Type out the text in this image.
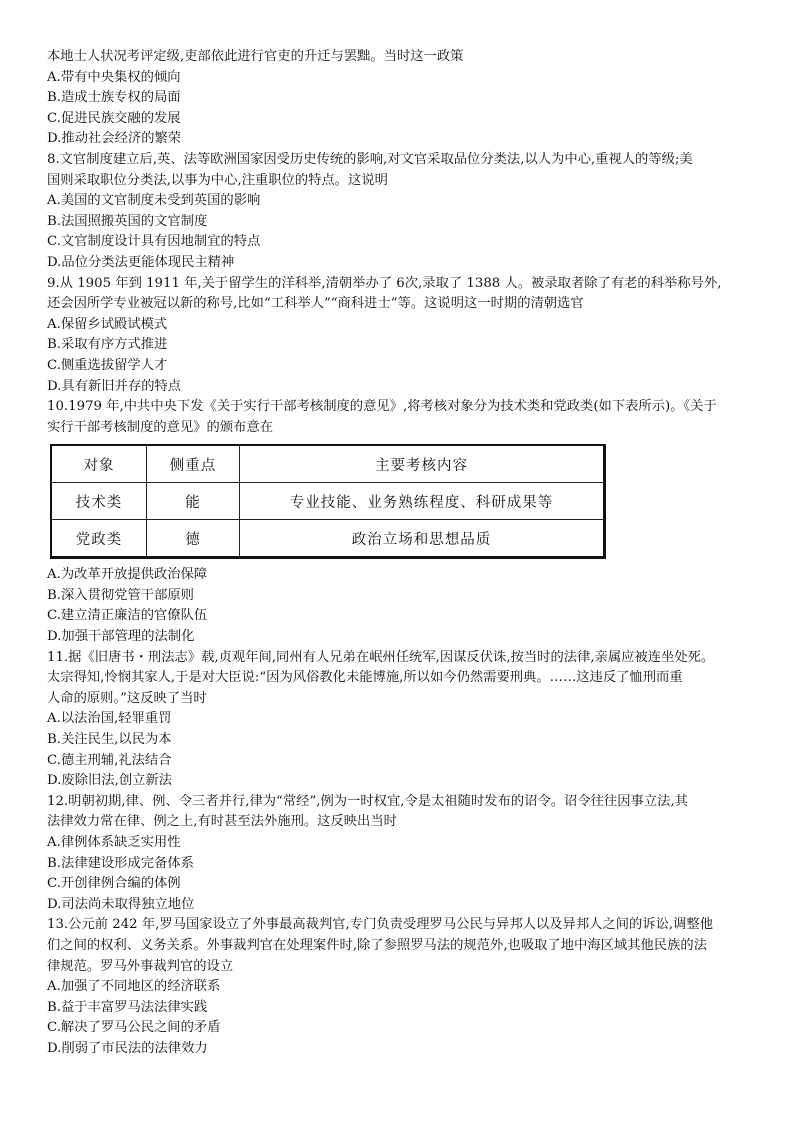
本地士人状况考评定级,吏部依此进行官吏的升迁与罢黜。当时这一政策
A.带有中央集权的倾向
B.造成士族专权的局面
C.促进民族交融的发展
D.推动社会经济的繁荣
8.文官制度建立后,英、法等欧洲国家因受历史传统的影响,对文官采取品位分类法,以人为中心,重视人的等级;美
国则采取职位分类法,以事为中心,注重职位的特点。这说明
A.美国的文官制度未受到英国的影响
B.法国照搬英国的文官制度
C.文官制度设计具有因地制宜的特点
D.品位分类法更能体现民主精神
9.从 1905 年到 1911 年,关于留学生的洋科举,清朝举办了 6次,录取了 1388 人。被录取者除了有老的科举称号外,
还会因所学专业被冠以新的称号,比如“工科举人”“商科进士”等。这说明这一时期的清朝选官
A.保留乡试殿试模式
B.采取有序方式推进
C.侧重选拔留学人才
D.具有新旧并存的特点
10.1979 年,中共中央下发《关于实行干部考核制度的意见》,将考核对象分为技术类和党政类(如下表所示)。《关于
实行干部考核制度的意见》的颁布意在
对象	侧重点	主要考核内容
技术类	能	专业技能、业务熟练程度、科研成果等
党政类	德	政治立场和思想品质
A.为改革开放提供政治保障
B.深入贯彻党管干部原则
C.建立清正廉洁的官僚队伍
D.加强干部管理的法制化
11.据《旧唐书・刑法志》载,贞观年间,同州有人兄弟在岷州任统军,因谋反伏诛,按当时的法律,亲属应被连坐处死。
太宗得知,怜悯其家人,于是对大臣说:“因为风俗教化未能博施,所以如今仍然需要刑典。……这违反了恤刑而重
人命的原则。”这反映了当时
A.以法治国,轻罪重罚
B.关注民生,以民为本
C.德主刑辅,礼法结合
D.废除旧法,创立新法
12.明朝初期,律、例、令三者并行,律为“常经”,例为一时权宜,令是太祖随时发布的诏令。诏令往往因事立法,其
法律效力常在律、例之上,有时甚至法外施刑。这反映出当时
A.律例体系缺乏实用性
B.法律建设形成完备体系
C.开创律例合编的体例
D.司法尚未取得独立地位
13.公元前 242 年,罗马国家设立了外事最高裁判官,专门负责受理罗马公民与异邦人以及异邦人之间的诉讼,调整他
们之间的权利、义务关系。外事裁判官在处理案件时,除了参照罗马法的规范外,也吸取了地中海区域其他民族的法
律规范。罗马外事裁判官的设立
A.加强了不同地区的经济联系
B.益于丰富罗马法法律实践
C.解决了罗马公民之间的矛盾
D.削弱了市民法的法律效力
